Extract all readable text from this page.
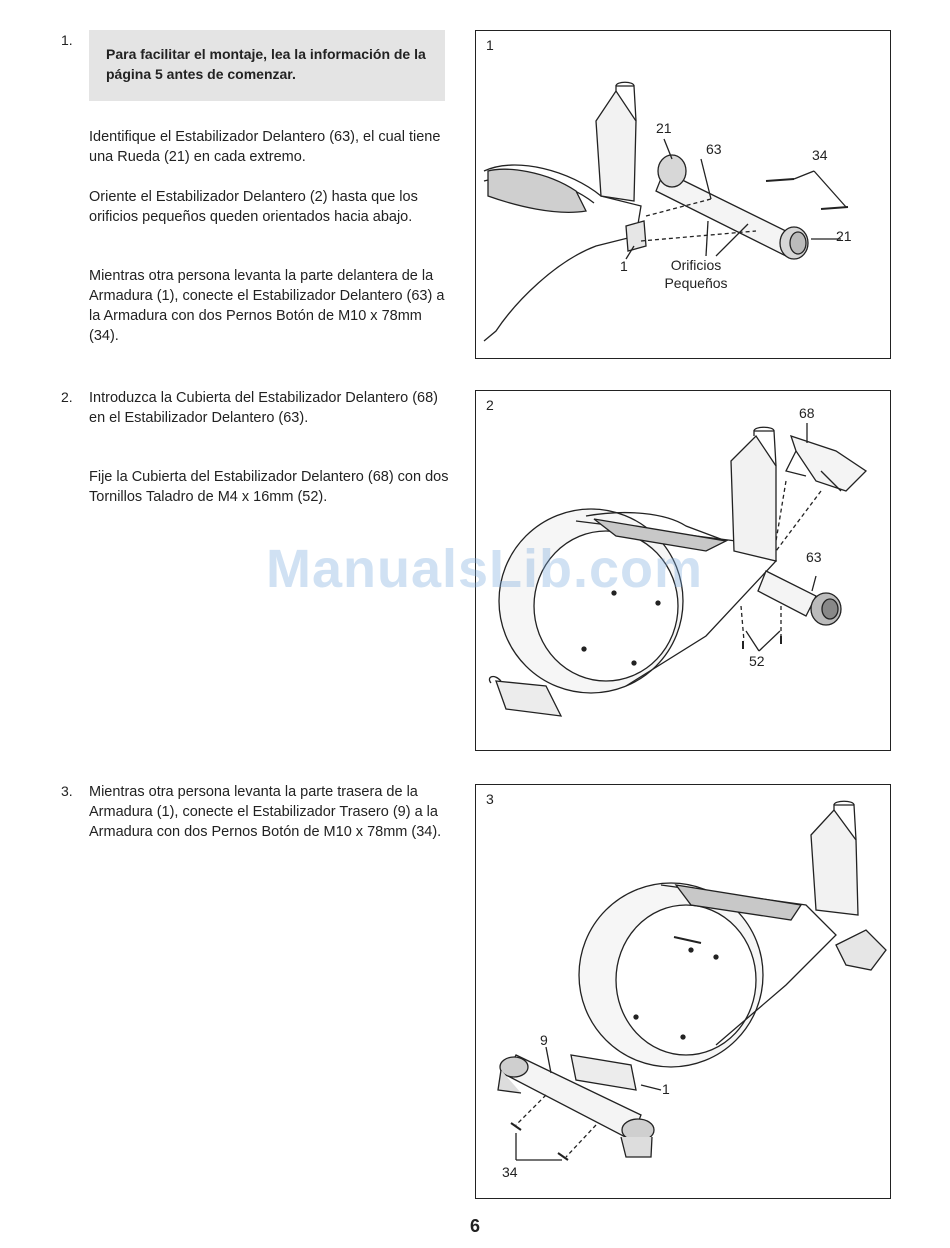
1.
Para facilitar el montaje, lea la información de la página 5 antes de comenzar.
Identifique el Estabilizador Delantero (63), el cual tiene una Rueda (21) en cada extremo.
Oriente el Estabilizador Delantero (2) hasta que los orificios pequeños queden orientados hacia abajo.
Mientras otra persona levanta la parte delantera de la Armadura (1), conecte el Estabilizador Delantero (63) a la Armadura con dos Pernos Botón de M10 x 78mm (34).
2. Introduzca la Cubierta del Estabilizador Delantero (68) en el Estabilizador Delantero (63).
Fije la Cubierta del Estabilizador Delantero (68) con dos Tornillos Taladro de M4 x 16mm (52).
3. Mientras otra persona levanta la parte trasera de la Armadura (1), conecte el Estabilizador Trasero (9) a la Armadura con dos Pernos Botón de M10 x 78mm (34).
1
21
63	34
21
1	Orificios
Pequeños
2	68
63
52
3
9
1
34
ManualsLib.com
6
